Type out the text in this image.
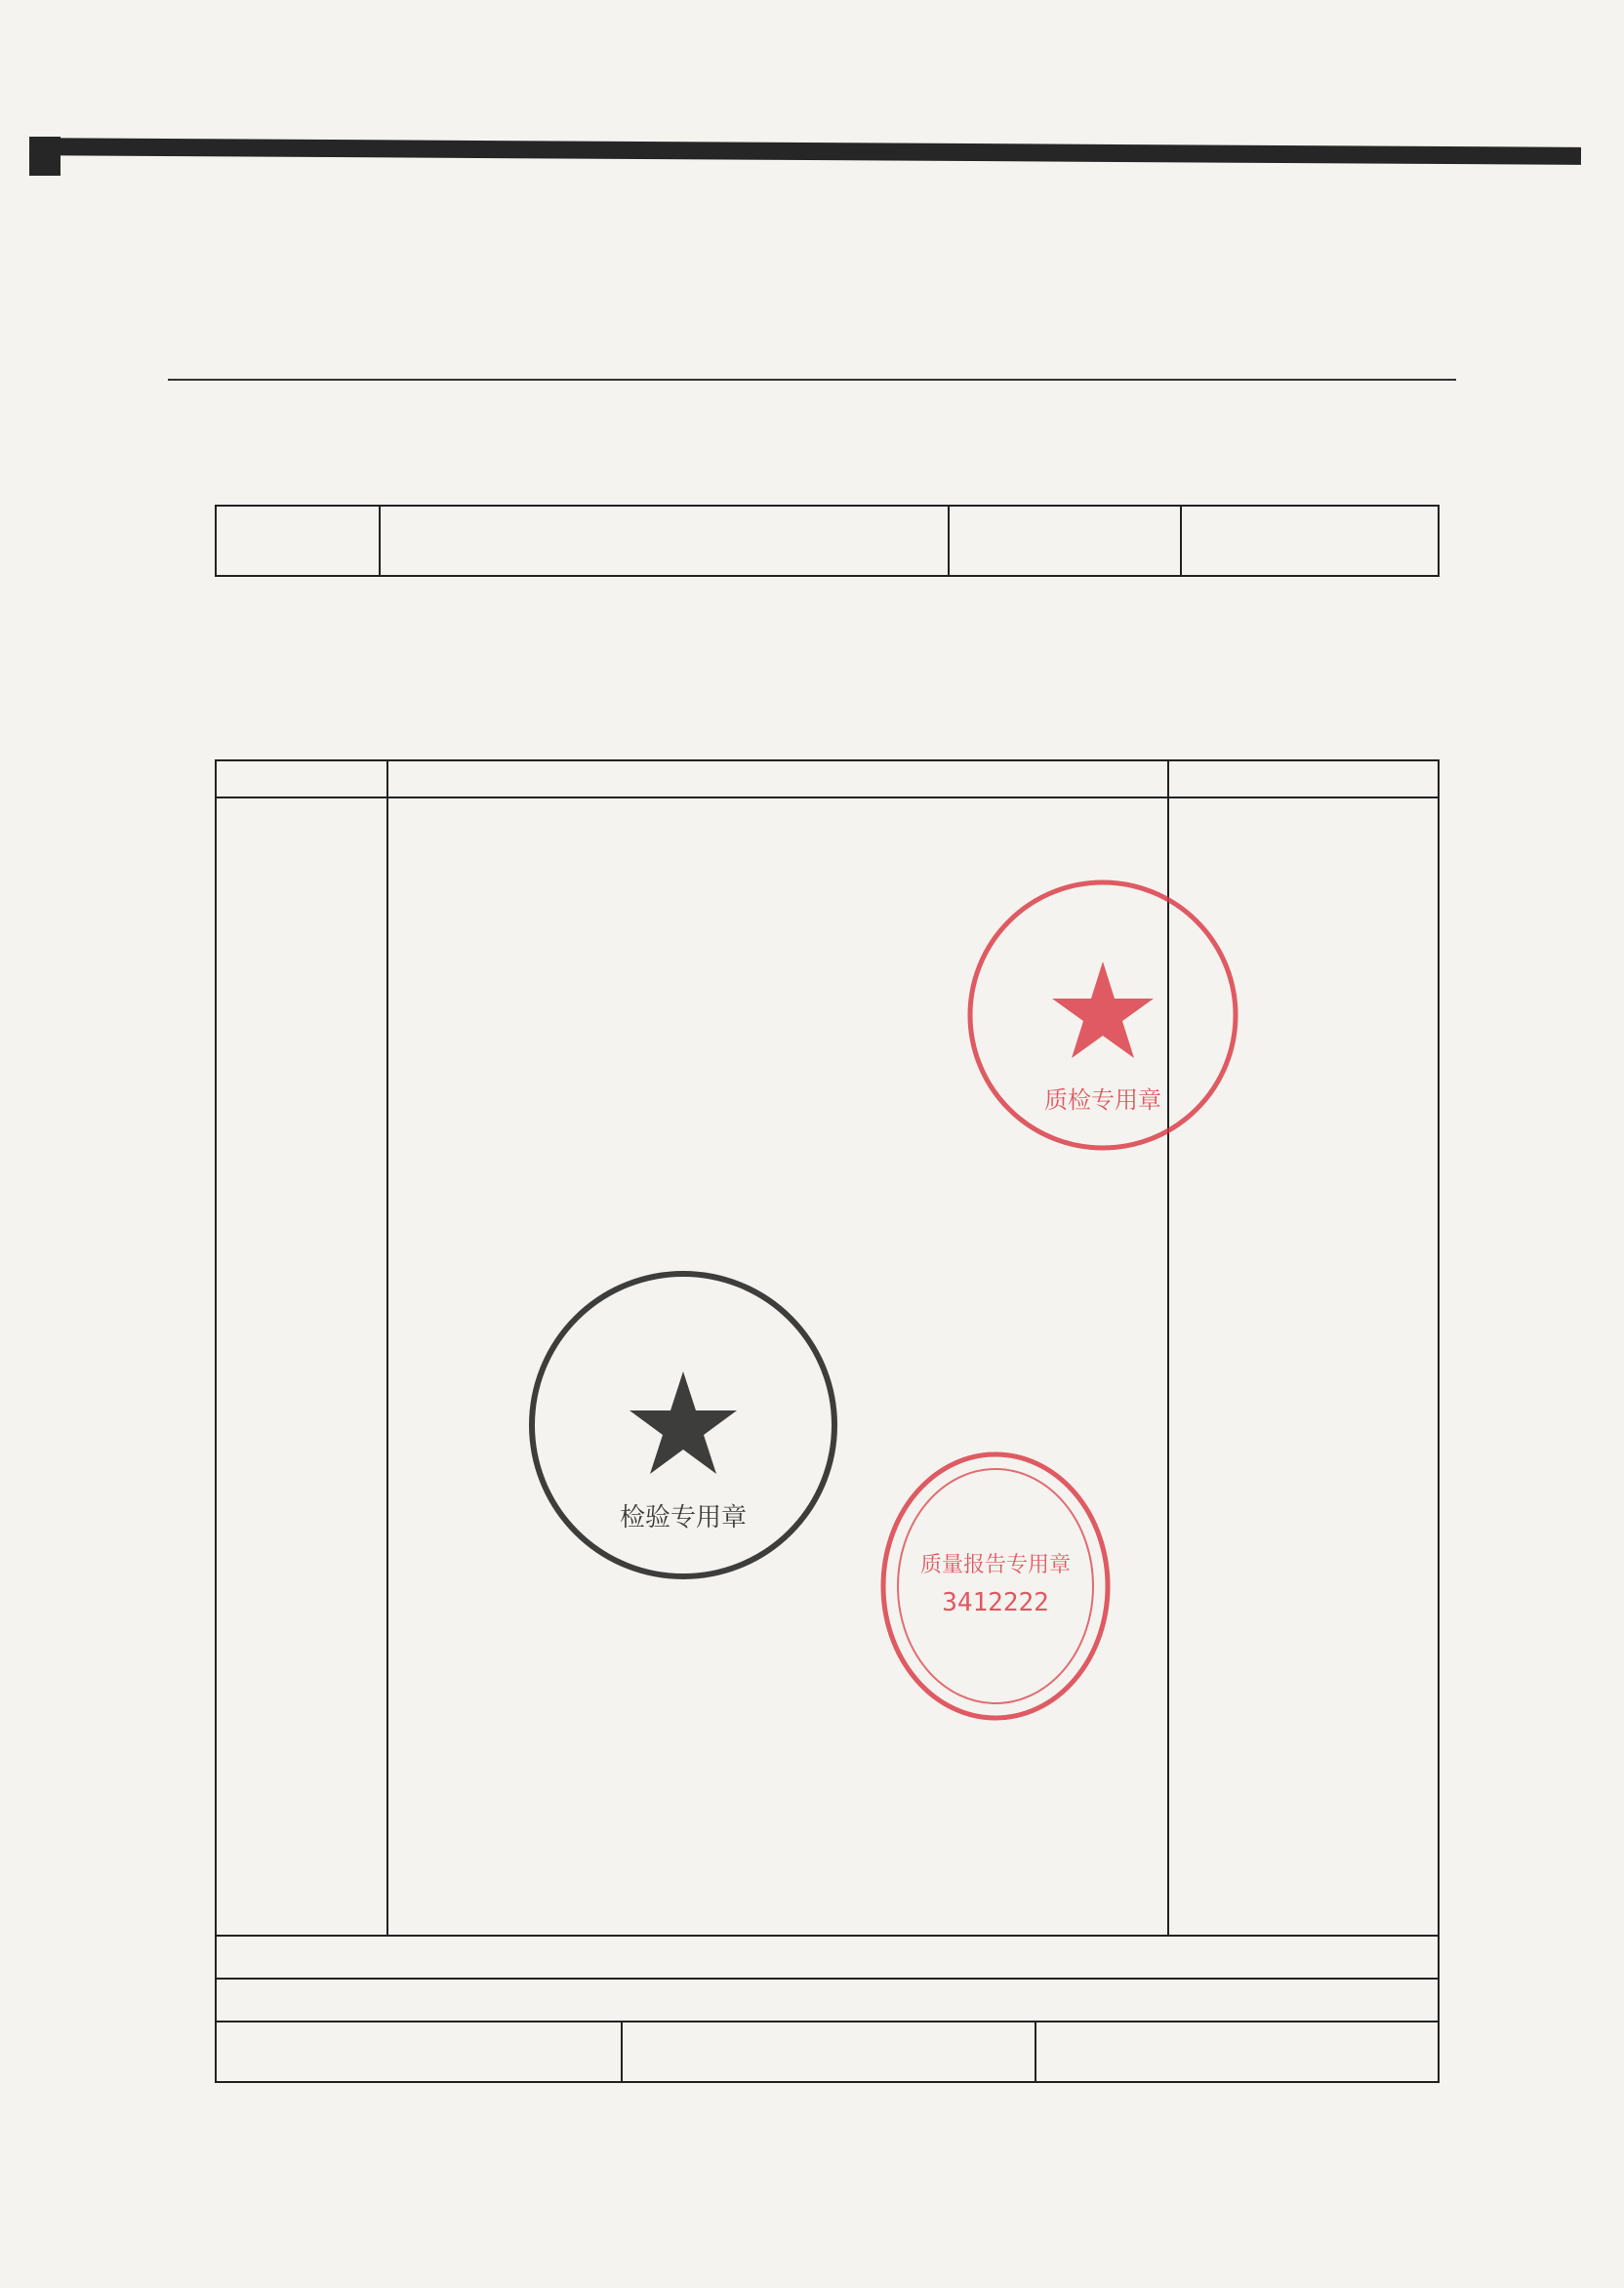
质检专用章
检验专用章
质量报告专用章
3412222
